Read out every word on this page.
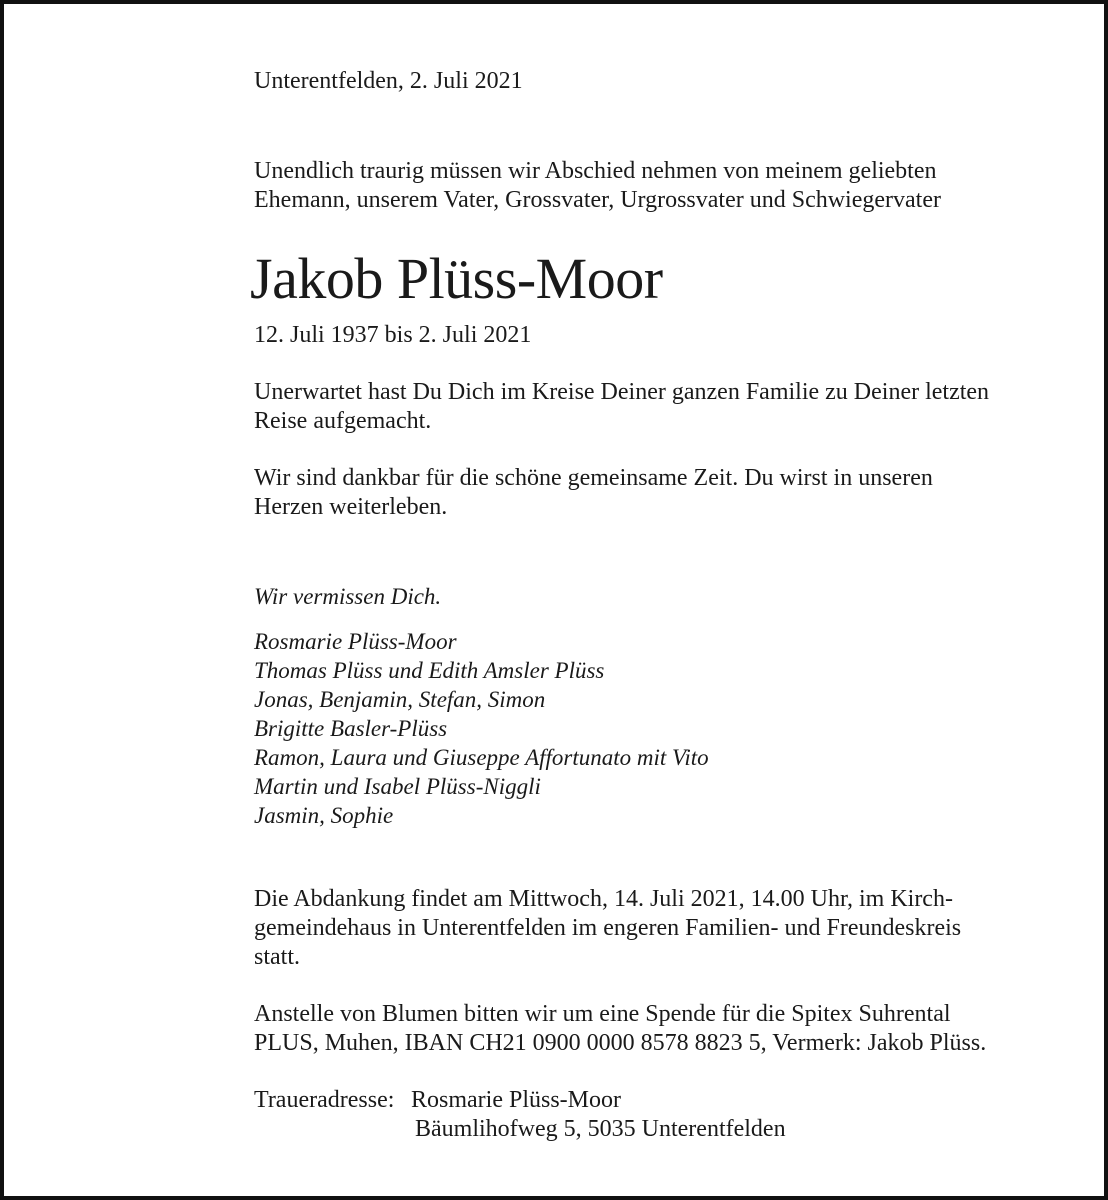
Unterentfelden, 2. Juli 2021

Unendlich traurig müssen wir Abschied nehmen von meinem geliebten
Ehemann, unserem Vater, Grossvater, Urgrossvater und Schwiegervater

Jakob Plüss-Moor

12. Juli 1937 bis 2. Juli 2021

Unerwartet hast Du Dich im Kreise Deiner ganzen Familie zu Deiner letzten
Reise aufgemacht.

Wir sind dankbar für die schöne gemeinsame Zeit. Du wirst in unseren
Herzen weiterleben.

Wir vermissen Dich.

Rosmarie Plüss-Moor
Thomas Plüss und Edith Amsler Plüss
Jonas, Benjamin, Stefan, Simon
Brigitte Basler-Plüss
Ramon, Laura und Giuseppe Affortunato mit Vito
Martin und Isabel Plüss-Niggli
Jasmin, Sophie

Die Abdankung findet am Mittwoch, 14. Juli 2021, 14.00 Uhr, im Kirch-
gemeindehaus in Unterentfelden im engeren Familien- und Freundeskreis
statt.

Anstelle von Blumen bitten wir um eine Spende für die Spitex Suhrental
PLUS, Muhen, IBAN CH21 0900 0000 8578 8823 5, Vermerk: Jakob Plüss.

Traueradresse: Rosmarie Plüss-Moor
Bäumlihofweg 5, 5035 Unterentfelden
